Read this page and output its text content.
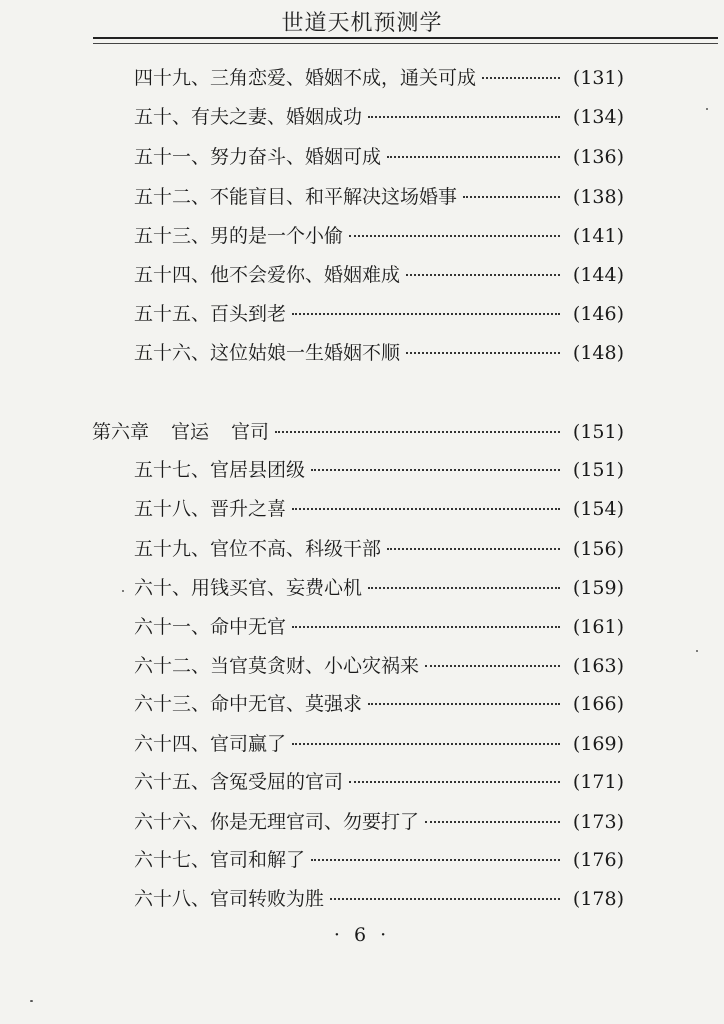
世道天机预测学
四十九、三角恋爱、婚姻不成，通关可成	(131)
五十、有夫之妻、婚姻成功	(134)
五十一、努力奋斗、婚姻可成	(136)
五十二、不能盲目、和平解决这场婚事	(138)
五十三、男的是一个小偷	(141)
五十四、他不会爱你、婚姻难成	(144)
五十五、百头到老	(146)
五十六、这位姑娘一生婚姻不顺	(148)
第六章 官运 官司	(151)
五十七、官居县团级	(151)
五十八、晋升之喜	(154)
五十九、官位不高、科级干部	(156)
六十、用钱买官、妄费心机	(159)
六十一、命中无官	(161)
六十二、当官莫贪财、小心灾祸来	(163)
六十三、命中无官、莫强求	(166)
六十四、官司赢了	(169)
六十五、含冤受屈的官司	(171)
六十六、你是无理官司、勿要打了	(173)
六十七、官司和解了	(176)
六十八、官司转败为胜	(178)
· 6 ·
